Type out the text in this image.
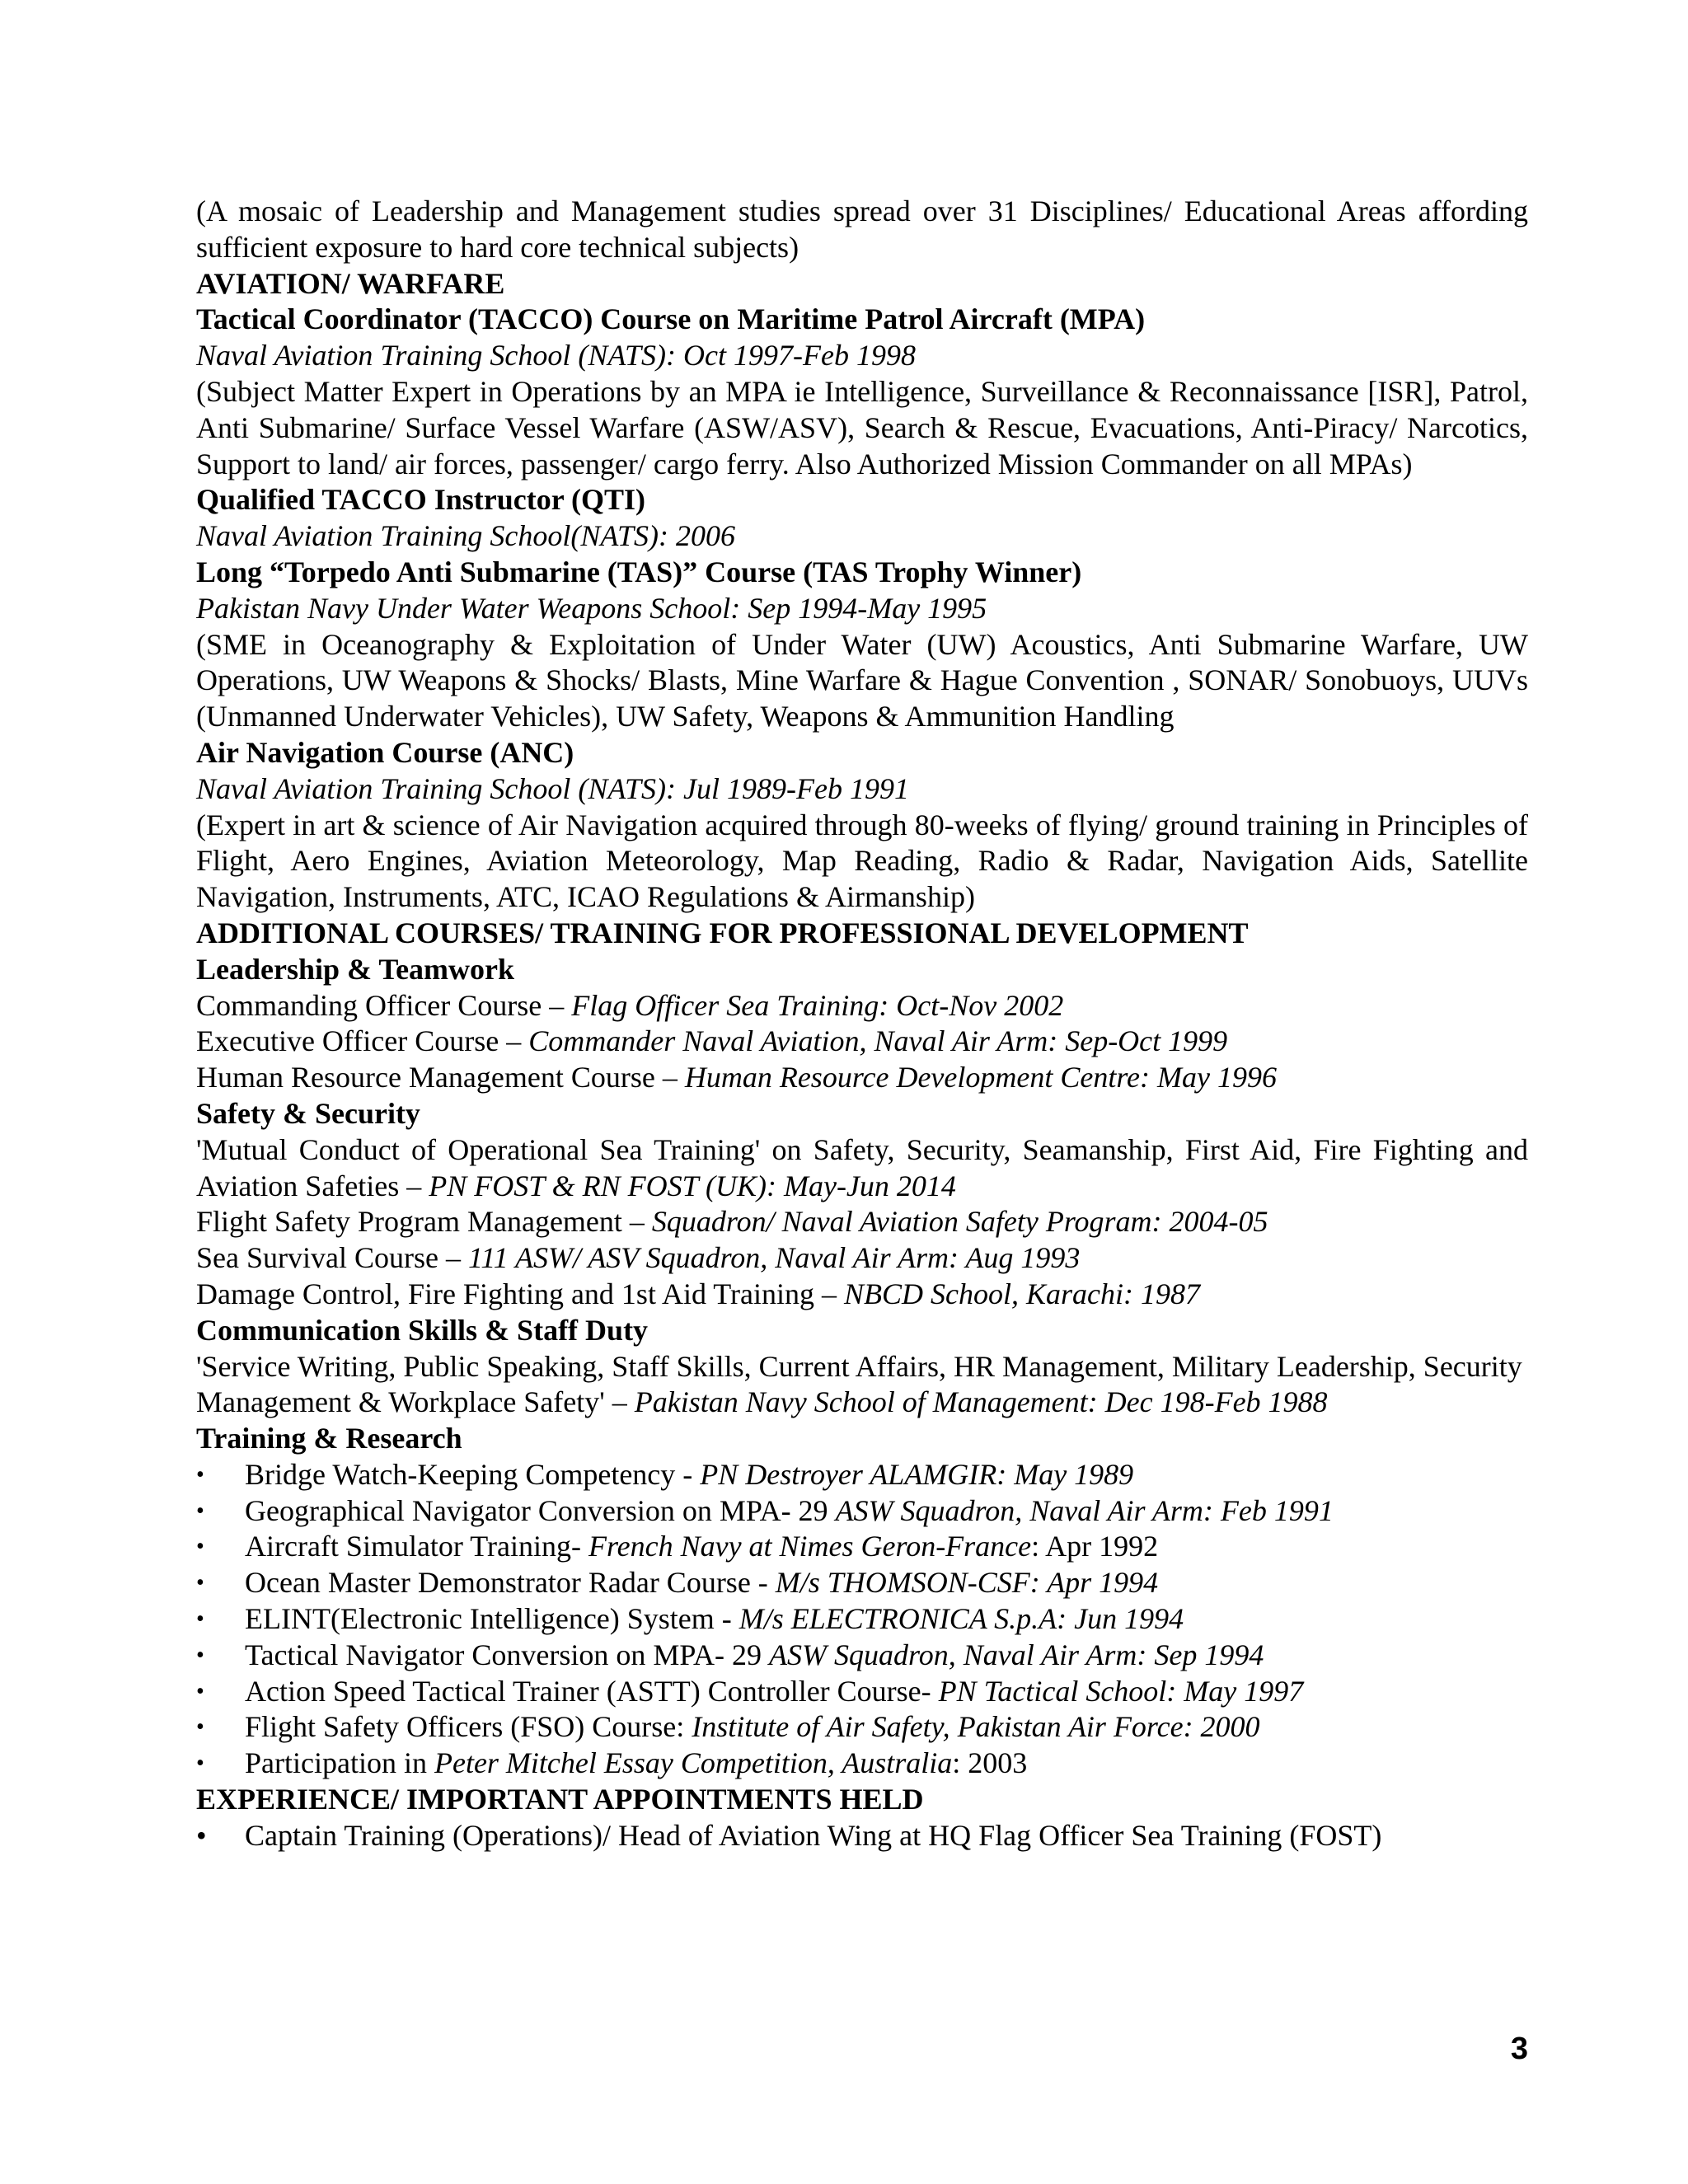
(A mosaic of Leadership and Management studies spread over 31 Disciplines/ Educational Areas affording sufficient exposure to hard core technical subjects)

AVIATION/ WARFARE

Tactical Coordinator (TACCO) Course on Maritime Patrol Aircraft (MPA)

Naval Aviation Training School (NATS): Oct 1997-Feb 1998

(Subject Matter Expert in Operations by an MPA ie Intelligence, Surveillance & Reconnaissance [ISR], Patrol, Anti Submarine/ Surface Vessel Warfare (ASW/ASV), Search & Rescue, Evacuations, Anti-Piracy/ Narcotics, Support to land/ air forces, passenger/ cargo ferry. Also Authorized Mission Commander on all MPAs)

Qualified TACCO Instructor (QTI)

Naval Aviation Training School(NATS): 2006

Long “Torpedo Anti Submarine (TAS)” Course (TAS Trophy Winner)

Pakistan Navy Under Water Weapons School: Sep 1994-May 1995

(SME in Oceanography & Exploitation of Under Water (UW) Acoustics, Anti Submarine Warfare, UW Operations, UW Weapons & Shocks/ Blasts, Mine Warfare & Hague Convention , SONAR/ Sonobuoys, UUVs (Unmanned Underwater Vehicles), UW Safety, Weapons & Ammunition Handling

Air Navigation Course (ANC)

Naval Aviation Training School (NATS): Jul 1989-Feb 1991

(Expert in art & science of Air Navigation acquired through 80-weeks of flying/ ground training in Principles of Flight, Aero Engines, Aviation Meteorology, Map Reading, Radio & Radar, Navigation Aids, Satellite Navigation, Instruments, ATC, ICAO Regulations & Airmanship)

ADDITIONAL COURSES/ TRAINING FOR PROFESSIONAL DEVELOPMENT

Leadership & Teamwork

Commanding Officer Course – Flag Officer Sea Training: Oct-Nov 2002

Executive Officer Course – Commander Naval Aviation, Naval Air Arm: Sep-Oct 1999

Human Resource Management Course – Human Resource Development Centre: May 1996

Safety & Security

'Mutual Conduct of Operational Sea Training' on Safety, Security, Seamanship, First Aid, Fire Fighting and Aviation Safeties – PN FOST & RN FOST (UK): May-Jun 2014

Flight Safety Program Management – Squadron/ Naval Aviation Safety Program: 2004-05

Sea Survival Course – 111 ASW/ ASV Squadron, Naval Air Arm: Aug 1993

Damage Control, Fire Fighting and 1st Aid Training – NBCD School, Karachi: 1987

Communication Skills & Staff Duty

'Service Writing, Public Speaking, Staff Skills, Current Affairs, HR Management, Military Leadership, Security Management & Workplace Safety' – Pakistan Navy School of Management: Dec 198-Feb 1988

Training & Research

•	Bridge Watch-Keeping Competency - PN Destroyer ALAMGIR: May 1989

•	Geographical Navigator Conversion on MPA- 29 ASW Squadron, Naval Air Arm: Feb 1991

•	Aircraft Simulator Training- French Navy at Nimes Geron-France: Apr 1992

•	Ocean Master Demonstrator Radar Course - M/s THOMSON-CSF: Apr 1994

•	ELINT(Electronic Intelligence) System - M/s ELECTRONICA S.p.A: Jun 1994

•	Tactical Navigator Conversion on MPA- 29 ASW Squadron, Naval Air Arm: Sep 1994

•	Action Speed Tactical Trainer (ASTT) Controller Course- PN Tactical School: May 1997

•	Flight Safety Officers (FSO) Course: Institute of Air Safety, Pakistan Air Force: 2000

•	Participation in Peter Mitchel Essay Competition, Australia: 2003

EXPERIENCE/ IMPORTANT APPOINTMENTS HELD

•	Captain Training (Operations)/ Head of Aviation Wing at HQ Flag Officer Sea Training (FOST)

3
